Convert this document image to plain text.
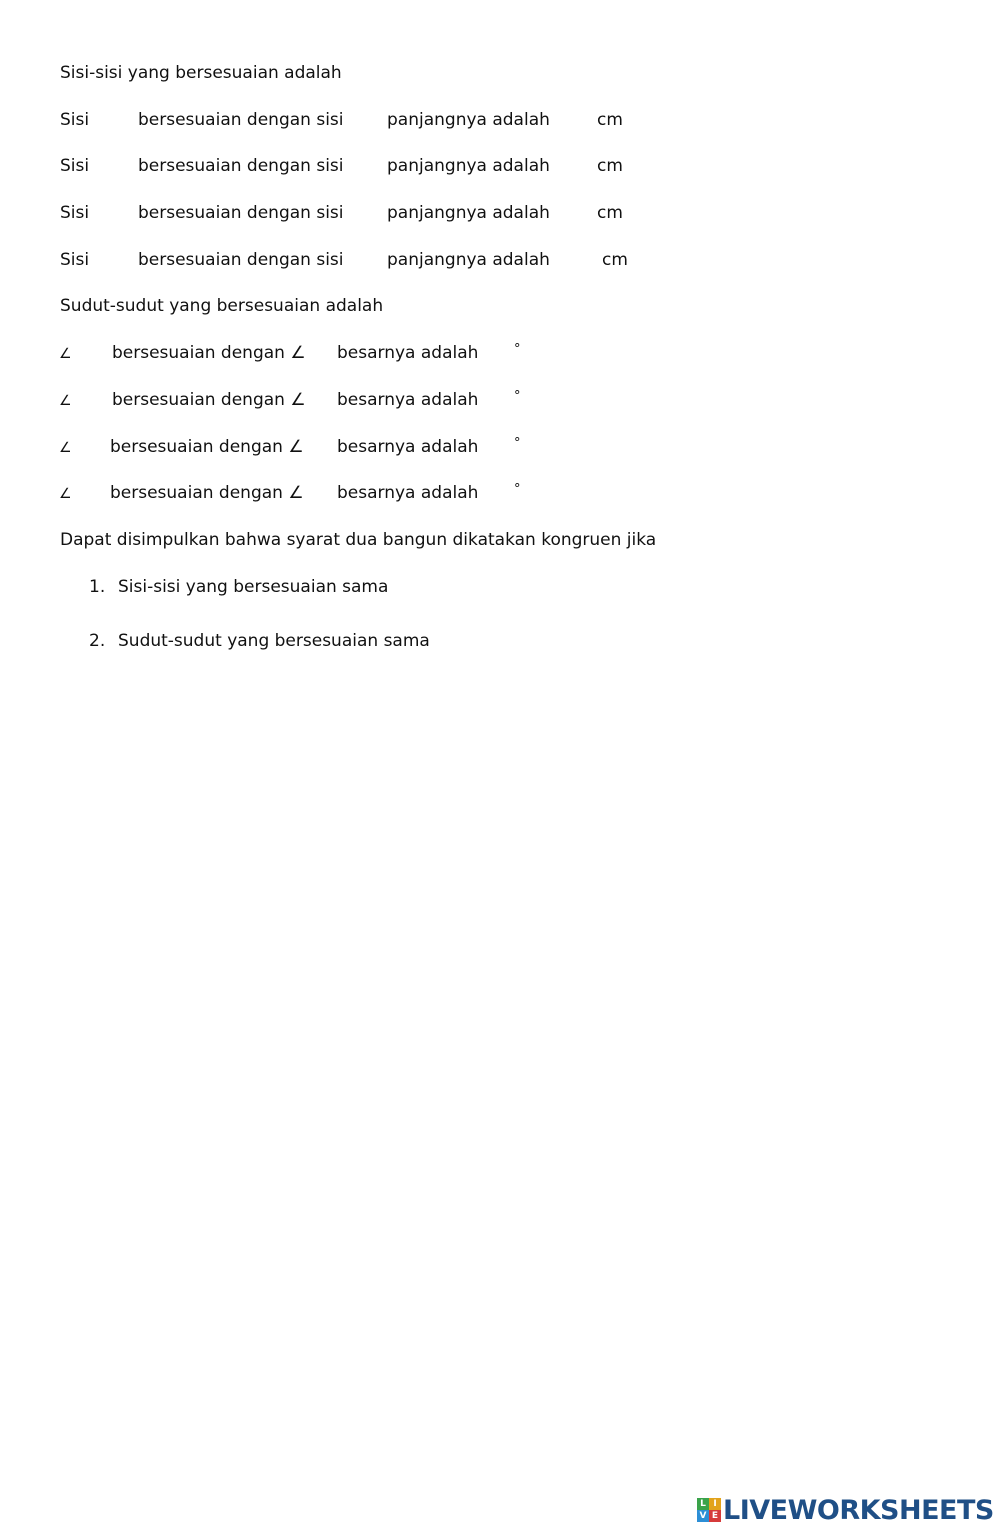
Sisi-sisi yang bersesuaian adalah
Sisi	bersesuaian dengan sisi	panjangnya adalah	cm
Sisi	bersesuaian dengan sisi	panjangnya adalah	cm
Sisi	bersesuaian dengan sisi	panjangnya adalah	cm
Sisi	bersesuaian dengan sisi	panjangnya adalah	cm
Sudut-sudut yang bersesuaian adalah
∠ bersesuaian dengan ∠ besarnya adalah	°
∠ bersesuaian dengan ∠ besarnya adalah	°
∠ bersesuaian dengan ∠ besarnya adalah	°
∠ bersesuaian dengan ∠ besarnya adalah	°
Dapat disimpulkan bahwa syarat dua bangun dikatakan kongruen jika
1. Sisi-sisi yang bersesuaian sama
2. Sudut-sudut yang bersesuaian sama
L I
V E LIVEWORKSHEETS
